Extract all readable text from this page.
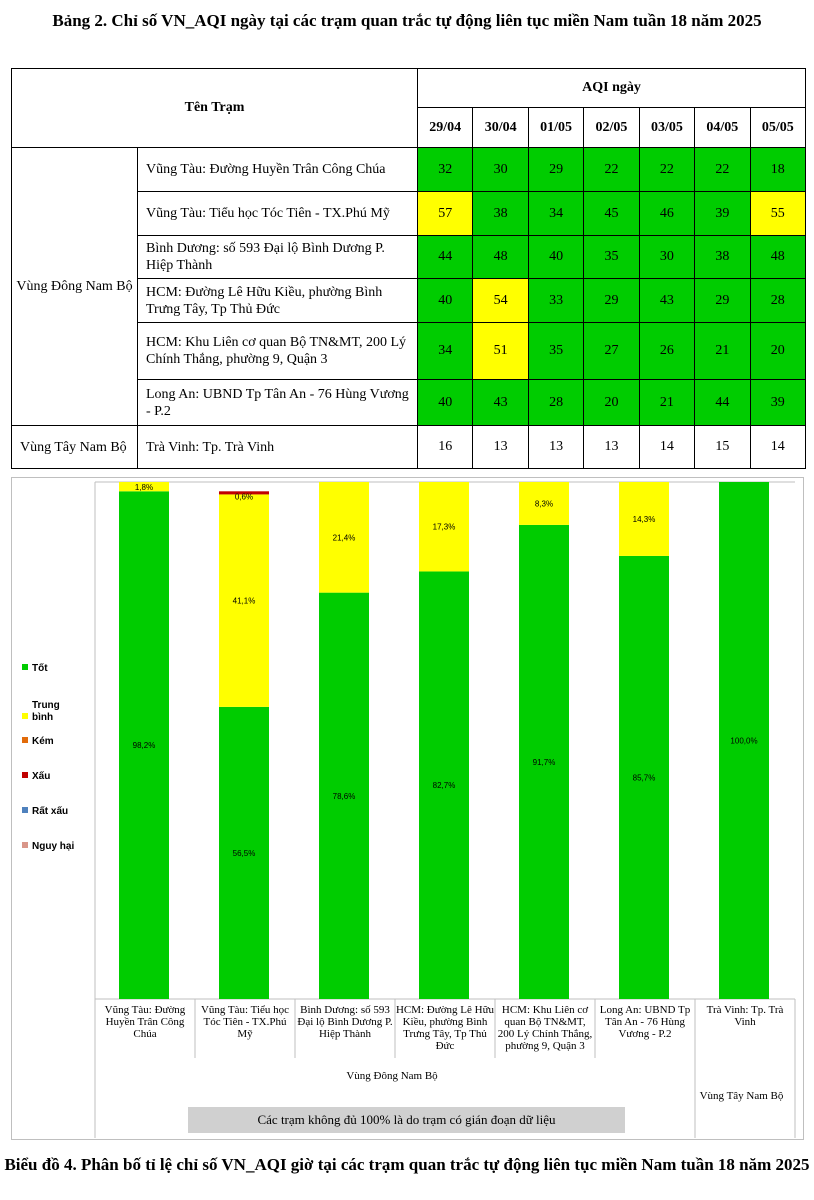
Bảng 2. Chỉ số VN_AQI ngày tại các trạm quan trắc tự động liên tục miền Nam tuần 18 năm 2025
Tên Trạm		AQI ngày						
		29/04	30/04	01/05	02/05	03/05	04/05	05/05
Vùng Đông Nam Bộ	Vũng Tàu: Đường Huyền Trân Công Chúa	32	30	29	22	22	22	18
	Vũng Tàu: Tiểu học Tóc Tiên - TX.Phú Mỹ	57	38	34	45	46	39	55
	Bình Dương: số 593 Đại lộ Bình Dương P. Hiệp Thành	44	48	40	35	30	38	48
	HCM: Đường Lê Hữu Kiều, phường Bình Trưng Tây, Tp Thủ Đức	40	54	33	29	43	29	28
	HCM: Khu Liên cơ quan Bộ TN&MT, 200 Lý Chính Thắng, phường 9, Quận 3	34	51	35	27	26	21	20
	Long An: UBND Tp Tân An - 76 Hùng Vương - P.2	40	43	28	20	21	44	39
Vùng Tây Nam Bộ	Trà Vinh: Tp. Trà Vinh	16	13	13	13	14	15	14
98,2%
1,8%
56,5%
41,1%
0,6%
78,6%
21,4%
82,7%
17,3%
91,7%
8,3%
85,7%
14,3%
100,0%
Tốt
Trung bình
Kém
Xấu
Rất xấu
Nguy hại
Vũng Tàu: Đường Huyền Trân Công Chúa
Vũng Tàu: Tiểu học Tóc Tiên - TX.Phú Mỹ
Bình Dương: số 593 Đại lộ Bình Dương P. Hiệp Thành
HCM: Đường Lê Hữu Kiều, phường Bình Trưng Tây, Tp Thủ Đức
HCM: Khu Liên cơ quan Bộ TN&MT, 200 Lý Chính Thắng, phường 9, Quận 3
Long An: UBND Tp Tân An - 76 Hùng Vương - P.2
Trà Vinh: Tp. Trà Vinh
Vùng Đông Nam Bộ
Vùng Tây Nam Bộ
Các trạm không đủ 100% là do trạm có gián đoạn dữ liệu
Biểu đồ 4. Phân bố tỉ lệ chỉ số VN_AQI giờ tại các trạm quan trắc tự động liên tục miền Nam tuần 18 năm 2025
